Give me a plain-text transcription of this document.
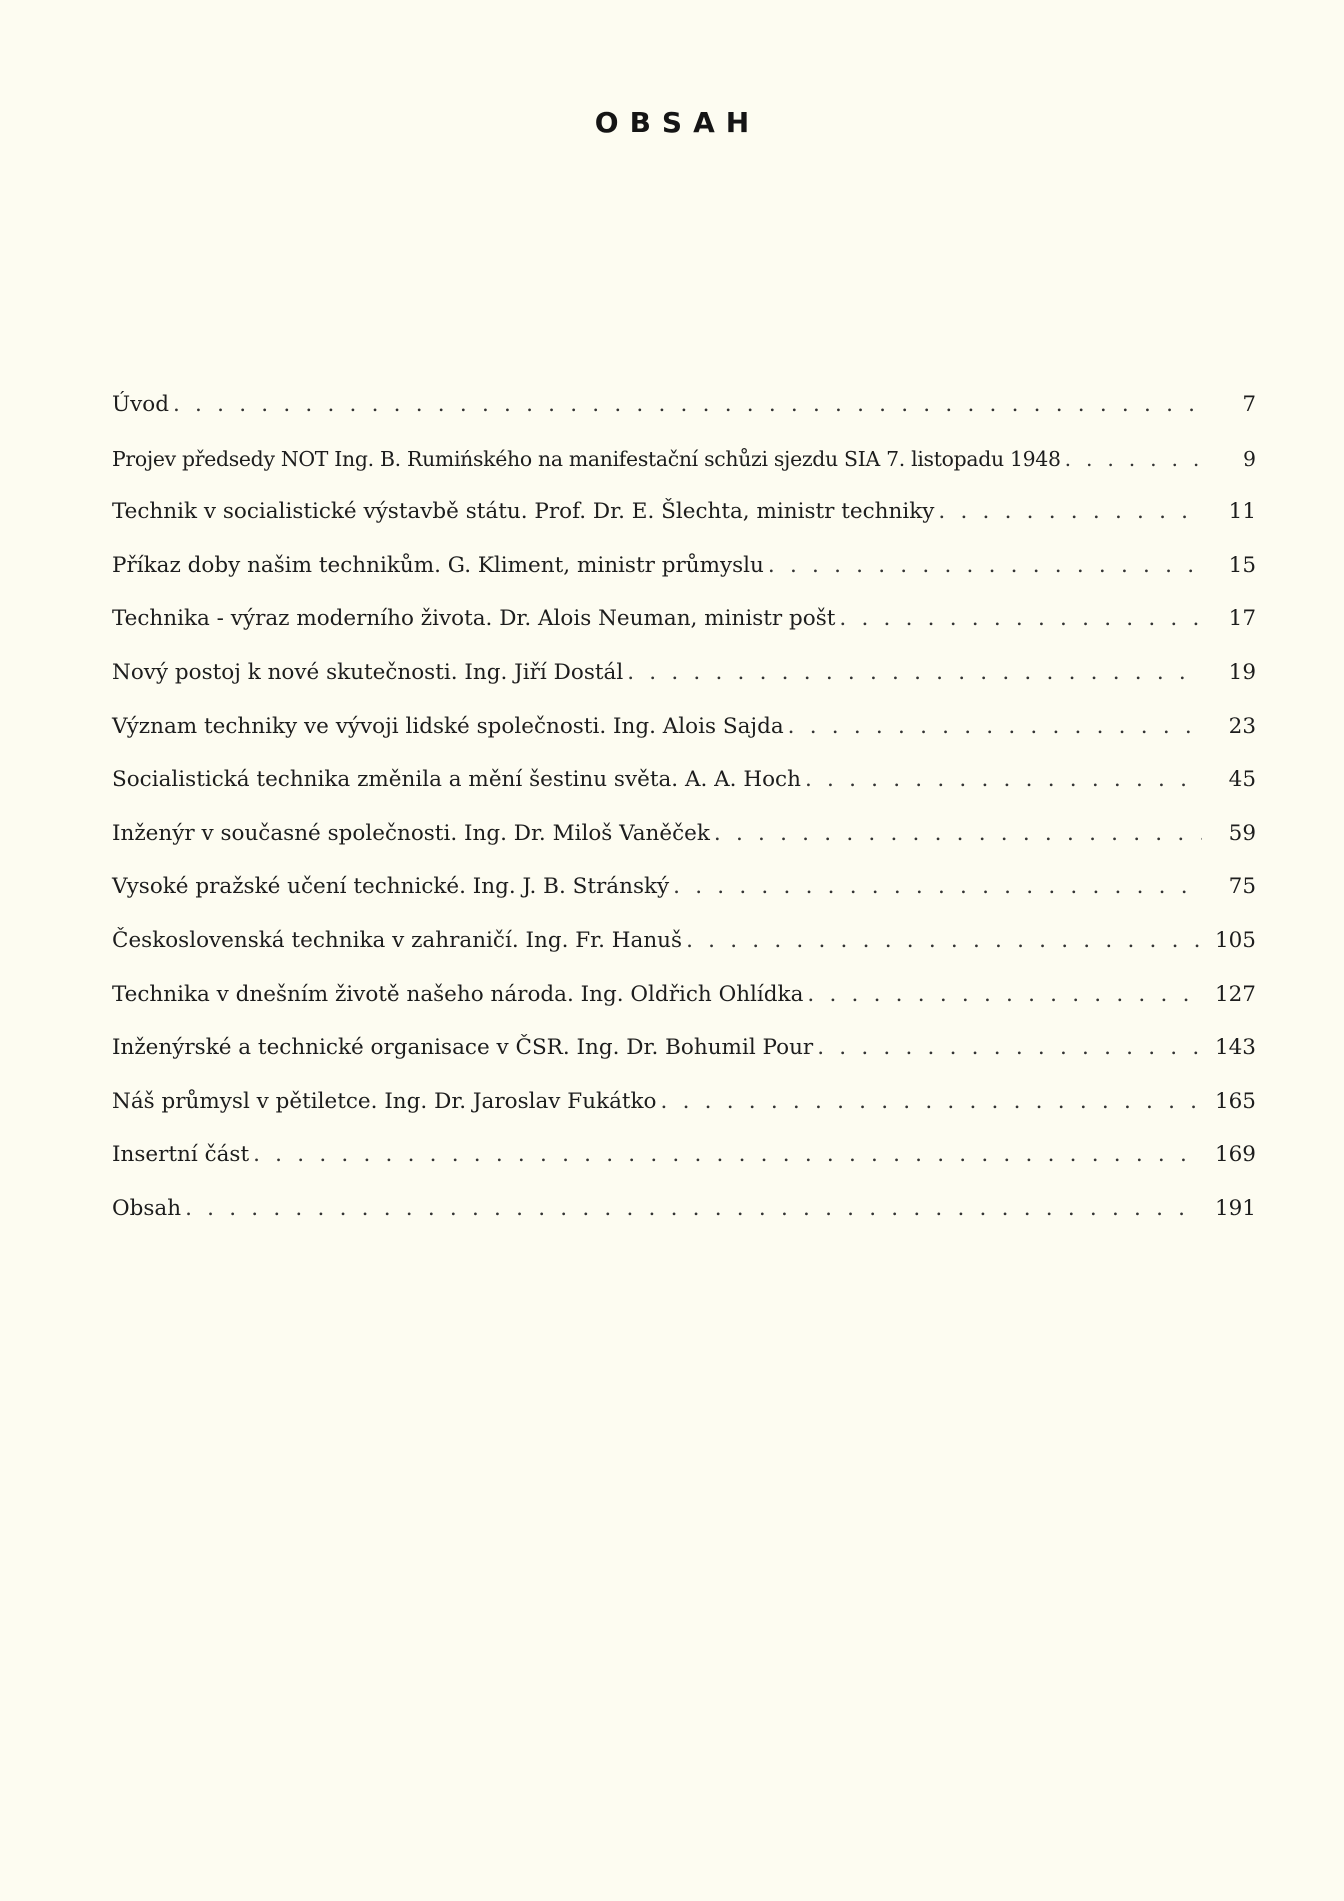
OBSAH
Úvod . . .	7
Projev předsedy NOT Ing. B. Rumińského na manifestační schůzi sjezdu SIA 7. listopadu 1948 . . .	9
Technik v socialistické výstavbě státu. Prof. Dr. E. Šlechta, ministr techniky . . .	11
Příkaz doby našim technikům. G. Kliment, ministr průmyslu . . .	15
Technika - výraz moderního života. Dr. Alois Neuman, ministr pošt . . .	17
Nový postoj k nové skutečnosti. Ing. Jiří Dostál . . .	19
Význam techniky ve vývoji lidské společnosti. Ing. Alois Sajda . . .	23
Socialistická technika změnila a mění šestinu světa. A. A. Hoch . . .	45
Inženýr v současné společnosti. Ing. Dr. Miloš Vaněček . . .	59
Vysoké pražské učení technické. Ing. J. B. Stránský . . .	75
Československá technika v zahraničí. Ing. Fr. Hanuš . . .	105
Technika v dnešním životě našeho národa. Ing. Oldřich Ohlídka . . .	127
Inženýrské a technické organisace v ČSR. Ing. Dr. Bohumil Pour . . .	143
Náš průmysl v pětiletce. Ing. Dr. Jaroslav Fukátko . . .	165
Insertní část . . .	169
Obsah . . .	191
